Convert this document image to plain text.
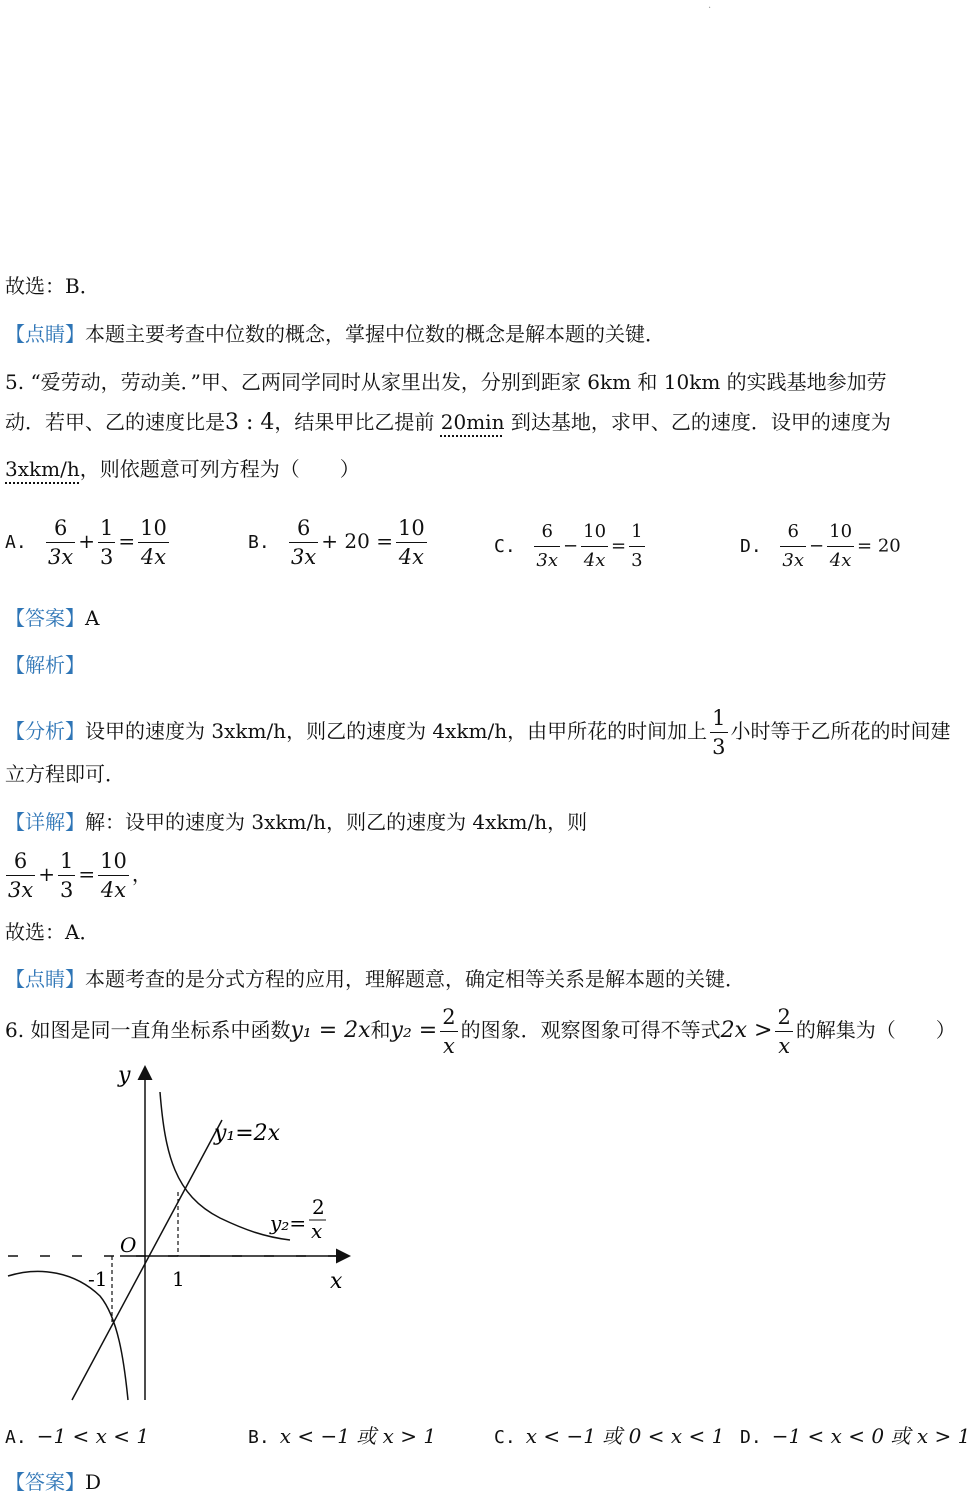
.
故选：B．
【点睛】本题主要考查中位数的概念，掌握中位数的概念是解本题的关键．
5. “爱劳动，劳动美．”甲、乙两同学同时从家里出发，分别到距家 6km 和 10km 的实践基地参加劳
动．若甲、乙的速度比是3 : 4，结果甲比乙提前 20min 到达基地，求甲、乙的速度．设甲的速度为
3xkm/h，则依题意可列方程为（　　）
A. $\frac{6}{3x} + \frac{1}{3} = \frac{10}{4x}$	B. $\frac{6}{3x} + 20 = \frac{10}{4x}$	C. $\frac{6}{3x} - \frac{10}{4x} = \frac{1}{3}$	D. $\frac{6}{3x} - \frac{10}{4x} = 20$
【答案】A
【解析】
【分析】设甲的速度为 3xkm/h，则乙的速度为 4xkm/h，由甲所花的时间加上 $\frac{1}{3}$ 小时等于乙所花的时间建
立方程即可．
【详解】解：设甲的速度为 3xkm/h，则乙的速度为 4xkm/h，则
$\frac{6}{3x} + \frac{1}{3} = \frac{10}{4x}$ ，
故选：A．
【点睛】本题考查的是分式方程的应用，理解题意，确定相等关系是解本题的关键．
6. 如图是同一直角坐标系中函数y₁ = 2x和$y_2 = \frac{2}{x}$ 的图象．观察图象可得不等式$2x > \frac{2}{x}$ 的解集为（　　）
y
x
O
-1	1
y₁=2x
y₂=
2
x
A. −1 < x < 1	B. x < −1 或 x > 1	C. x < −1 或 0 < x < 1 D. −1 < x < 0 或 x > 1
【答案】D
